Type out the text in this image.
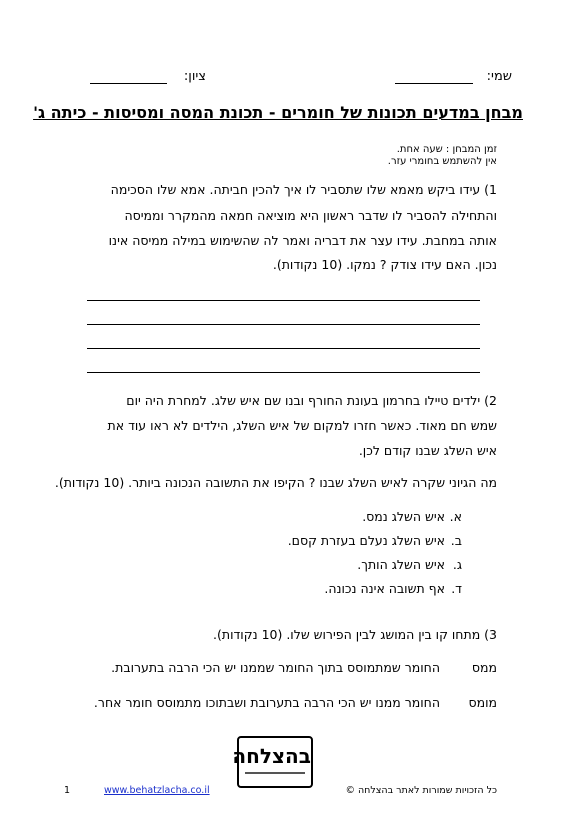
שמי:
ציון:
מבחן במדעים תכונות של חומרים - תכונת המסה ומסיסות - כיתה ג'
זמן המבחן : שעה אחת.
אין להשתמש בחומרי עזר.
1) עידו ביקש מאמא שלו שתסביר לו איך להכין חביתה. אמא שלו הסכימה
והתחילה להסביר לו שדבר ראשון היא מוציאה חמאה מהמקרר וממיסה
אותה במחבת. עידו עצר את דבריה ואמר לה שהשימוש במילה ממיסה אינו
נכון. האם עידו צודק ? נמקו. (10 נקודות).
2) ילדים טיילו בחרמון בעונת החורף ובנו שם איש שלג. למחרת היה יום
שמש חם מאוד. כאשר חזרו למקום של איש השלג, הילדים לא ראו עוד את
איש השלג שבנו קודם לכן.
מה הגיוני שקרה לאיש השלג שבנו ? הקיפו את התשובה הנכונה ביותר. (10 נקודות).
א.
איש השלג נמס.
ב.
איש השלג נעלם בעזרת קסם.
ג.
איש השלג הותך.
ד.
אף תשובה אינה נכונה.
3) מתחו קו בין המושג לבין הפירוש שלו. (10 נקודות).
ממס
החומר שמתמוסס בתוך החומר שממנו יש הכי הרבה בתערובת.
מומס
החומר ממנו יש הכי הרבה בתערובת ושבתוכו מתמוסס חומר אחר.
בהצלחה
כל הזכויות שמורות לאתר בהצלחה ©
www.behatzlacha.co.il
1
